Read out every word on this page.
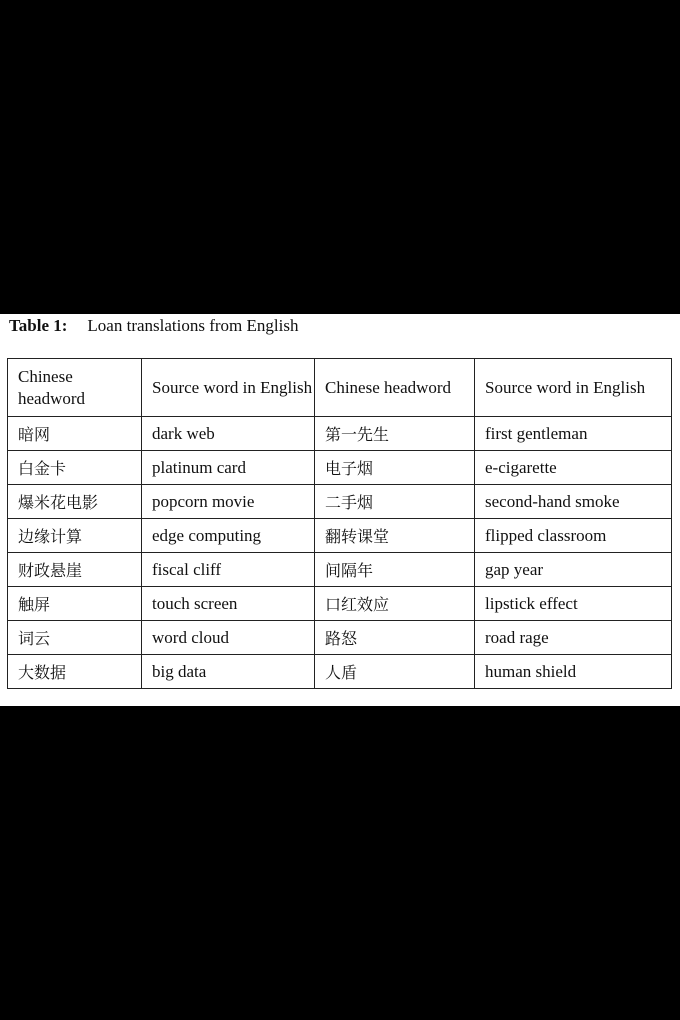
Table 1: Loan translations from English
Chinese headword	Source word in English	Chinese headword	Source word in English
暗网	dark web	第一先生	first gentleman
白金卡	platinum card	电子烟	e-cigarette
爆米花电影	popcorn movie	二手烟	second-hand smoke
边缘计算	edge computing	翻转课堂	flipped classroom
财政悬崖	fiscal cliff	间隔年	gap year
触屏	touch screen	口红效应	lipstick effect
词云	word cloud	路怒	road rage
大数据	big data	人盾	human shield
